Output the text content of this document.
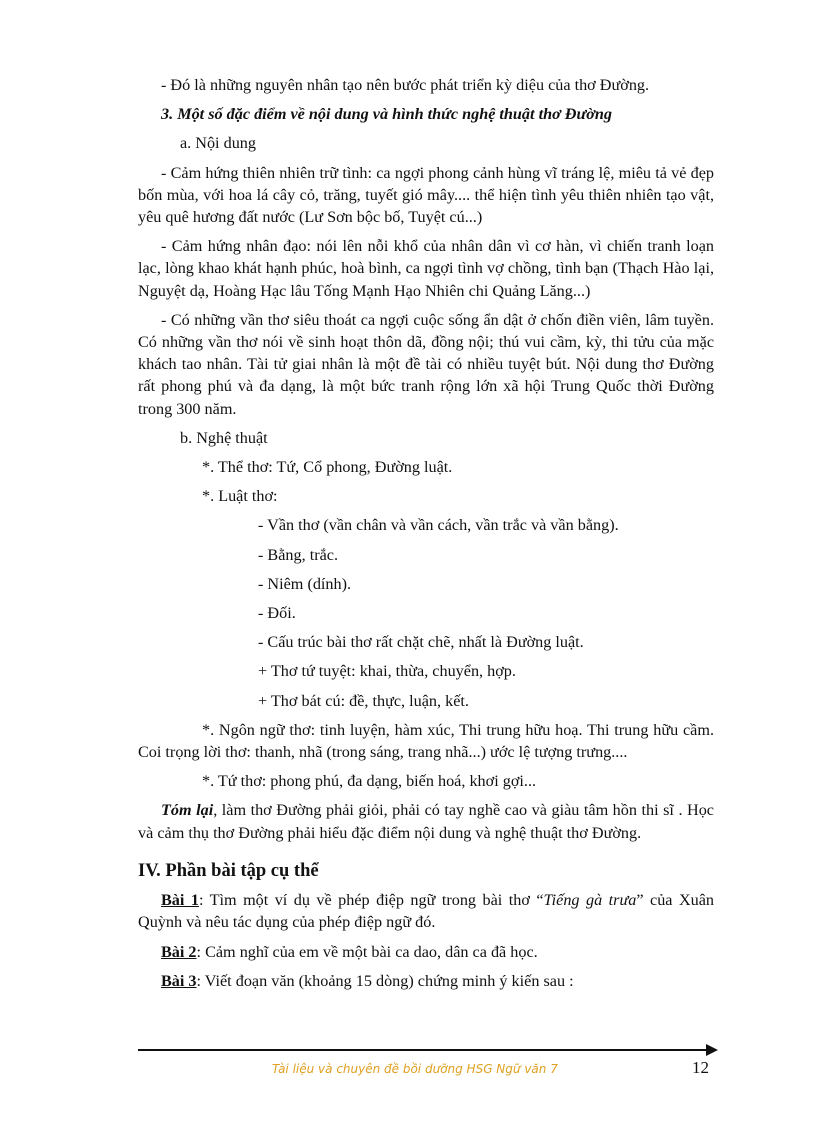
- Đó là những nguyên nhân tạo nên bước phát triển kỳ diệu của thơ Đường.

3. Một số đặc điểm về nội dung và hình thức nghệ thuật thơ Đường

a. Nội dung

- Cảm hứng thiên nhiên trữ tình: ca ngợi phong cảnh hùng vĩ tráng lệ, miêu tả vẻ đẹp bốn mùa, với hoa lá cây cỏ, trăng, tuyết gió mây.... thể hiện tình yêu thiên nhiên tạo vật, yêu quê hương đất nước (Lư Sơn bộc bố, Tuyệt cú...)

- Cảm hứng nhân đạo: nói lên nỗi khổ của nhân dân vì cơ hàn, vì chiến tranh loạn lạc, lòng khao khát hạnh phúc, hoà bình, ca ngợi tình vợ chồng, tình bạn (Thạch Hào lại, Nguyệt dạ, Hoàng Hạc lâu Tống Mạnh Hạo Nhiên chi Quảng Lăng...)

- Có những vần thơ siêu thoát ca ngợi cuộc sống ẩn dật ở chốn điền viên, lâm tuyền. Có những vần thơ nói về sinh hoạt thôn dã, đồng nội; thú vui cầm, kỳ, thi tửu của mặc khách tao nhân. Tài tử giai nhân là một đề tài có nhiều tuyệt bút. Nội dung thơ Đường rất phong phú và đa dạng, là một bức tranh rộng lớn xã hội Trung Quốc thời Đường trong 300 năm.

b. Nghệ thuật

*. Thể thơ: Tứ, Cổ phong, Đường luật.

*. Luật thơ:

- Vần thơ (vần chân và vần cách, vần trắc và vần bằng).

- Bằng, trắc.

- Niêm (dính).

- Đối.

- Cấu trúc bài thơ rất chặt chẽ, nhất là Đường luật.

+ Thơ tứ tuyệt: khai, thừa, chuyển, hợp.

+ Thơ bát cú: đề, thực, luận, kết.

*. Ngôn ngữ thơ: tinh luyện, hàm xúc, Thi trung hữu hoạ. Thi trung hữu cầm. Coi trọng lời thơ: thanh, nhã (trong sáng, trang nhã...) ước lệ tượng trưng....

*. Tứ thơ: phong phú, đa dạng, biến hoá, khơi gợi...

Tóm lại, làm thơ Đường phải giỏi, phải có tay nghề cao và giàu tâm hồn thi sĩ . Học và cảm thụ thơ Đường phải hiểu đặc điểm nội dung và nghệ thuật thơ Đường.

IV. Phần bài tập cụ thể

Bài 1: Tìm một ví dụ về phép điệp ngữ trong bài thơ “Tiếng gà trưa” của Xuân Quỳnh và nêu tác dụng của phép điệp ngữ đó.

Bài 2: Cảm nghĩ của em về một bài ca dao, dân ca đã học.

Bài 3: Viết đoạn văn (khoảng 15 dòng) chứng minh ý kiến sau :

Tài liệu và chuyên đề bồi dưỡng HSG Ngữ văn 7	12
